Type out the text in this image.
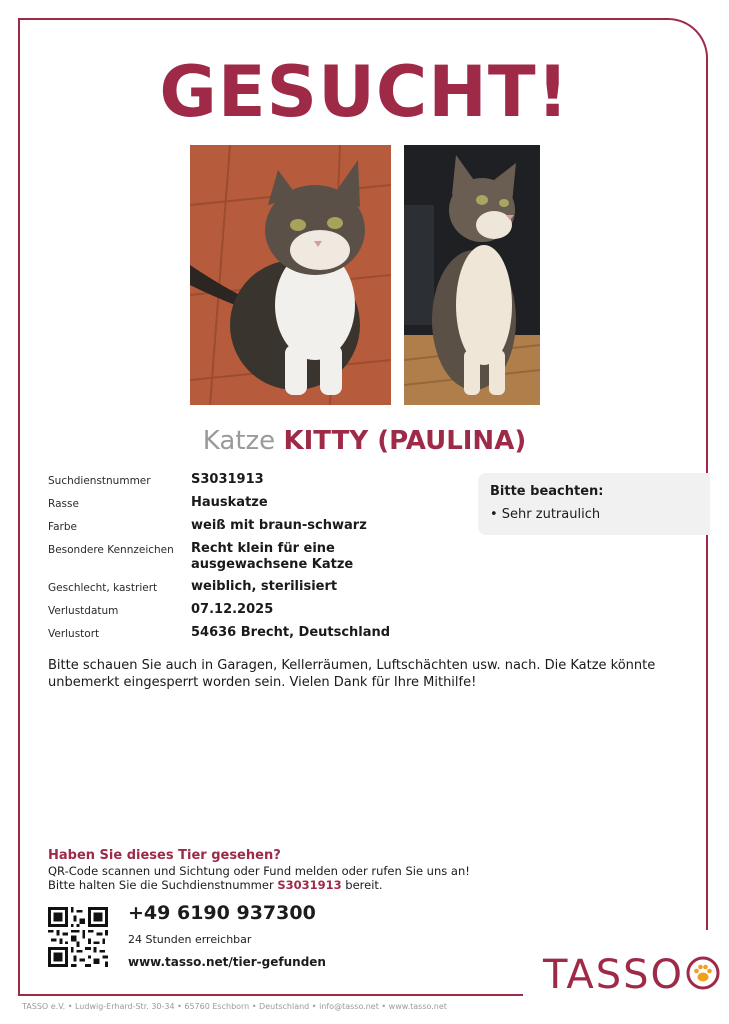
GESUCHT!
Katze KITTY (PAULINA)
Suchdienstnummer	S3031913
Rasse	Hauskatze
Farbe	weiß mit braun-schwarz
Besondere Kennzeichen	Recht klein für eine ausgewachsene Katze
Geschlecht, kastriert	weiblich, sterilisiert
Verlustdatum	07.12.2025
Verlustort	54636 Brecht, Deutschland
Bitte beachten:
• Sehr zutraulich
Bitte schauen Sie auch in Garagen, Kellerräumen, Luftschächten usw. nach. Die Katze könnte unbemerkt eingesperrt worden sein. Vielen Dank für Ihre Mithilfe!
Haben Sie dieses Tier gesehen?
QR-Code scannen und Sichtung oder Fund melden oder rufen Sie uns an!
Bitte halten Sie die Suchdienstnummer S3031913 bereit.
+49 6190 937300
24 Stunden erreichbar
www.tasso.net/tier-gefunden	TASSO
TASSO e.V. • Ludwig-Erhard-Str. 30-34 • 65760 Eschborn • Deutschland • info@tasso.net • www.tasso.net
